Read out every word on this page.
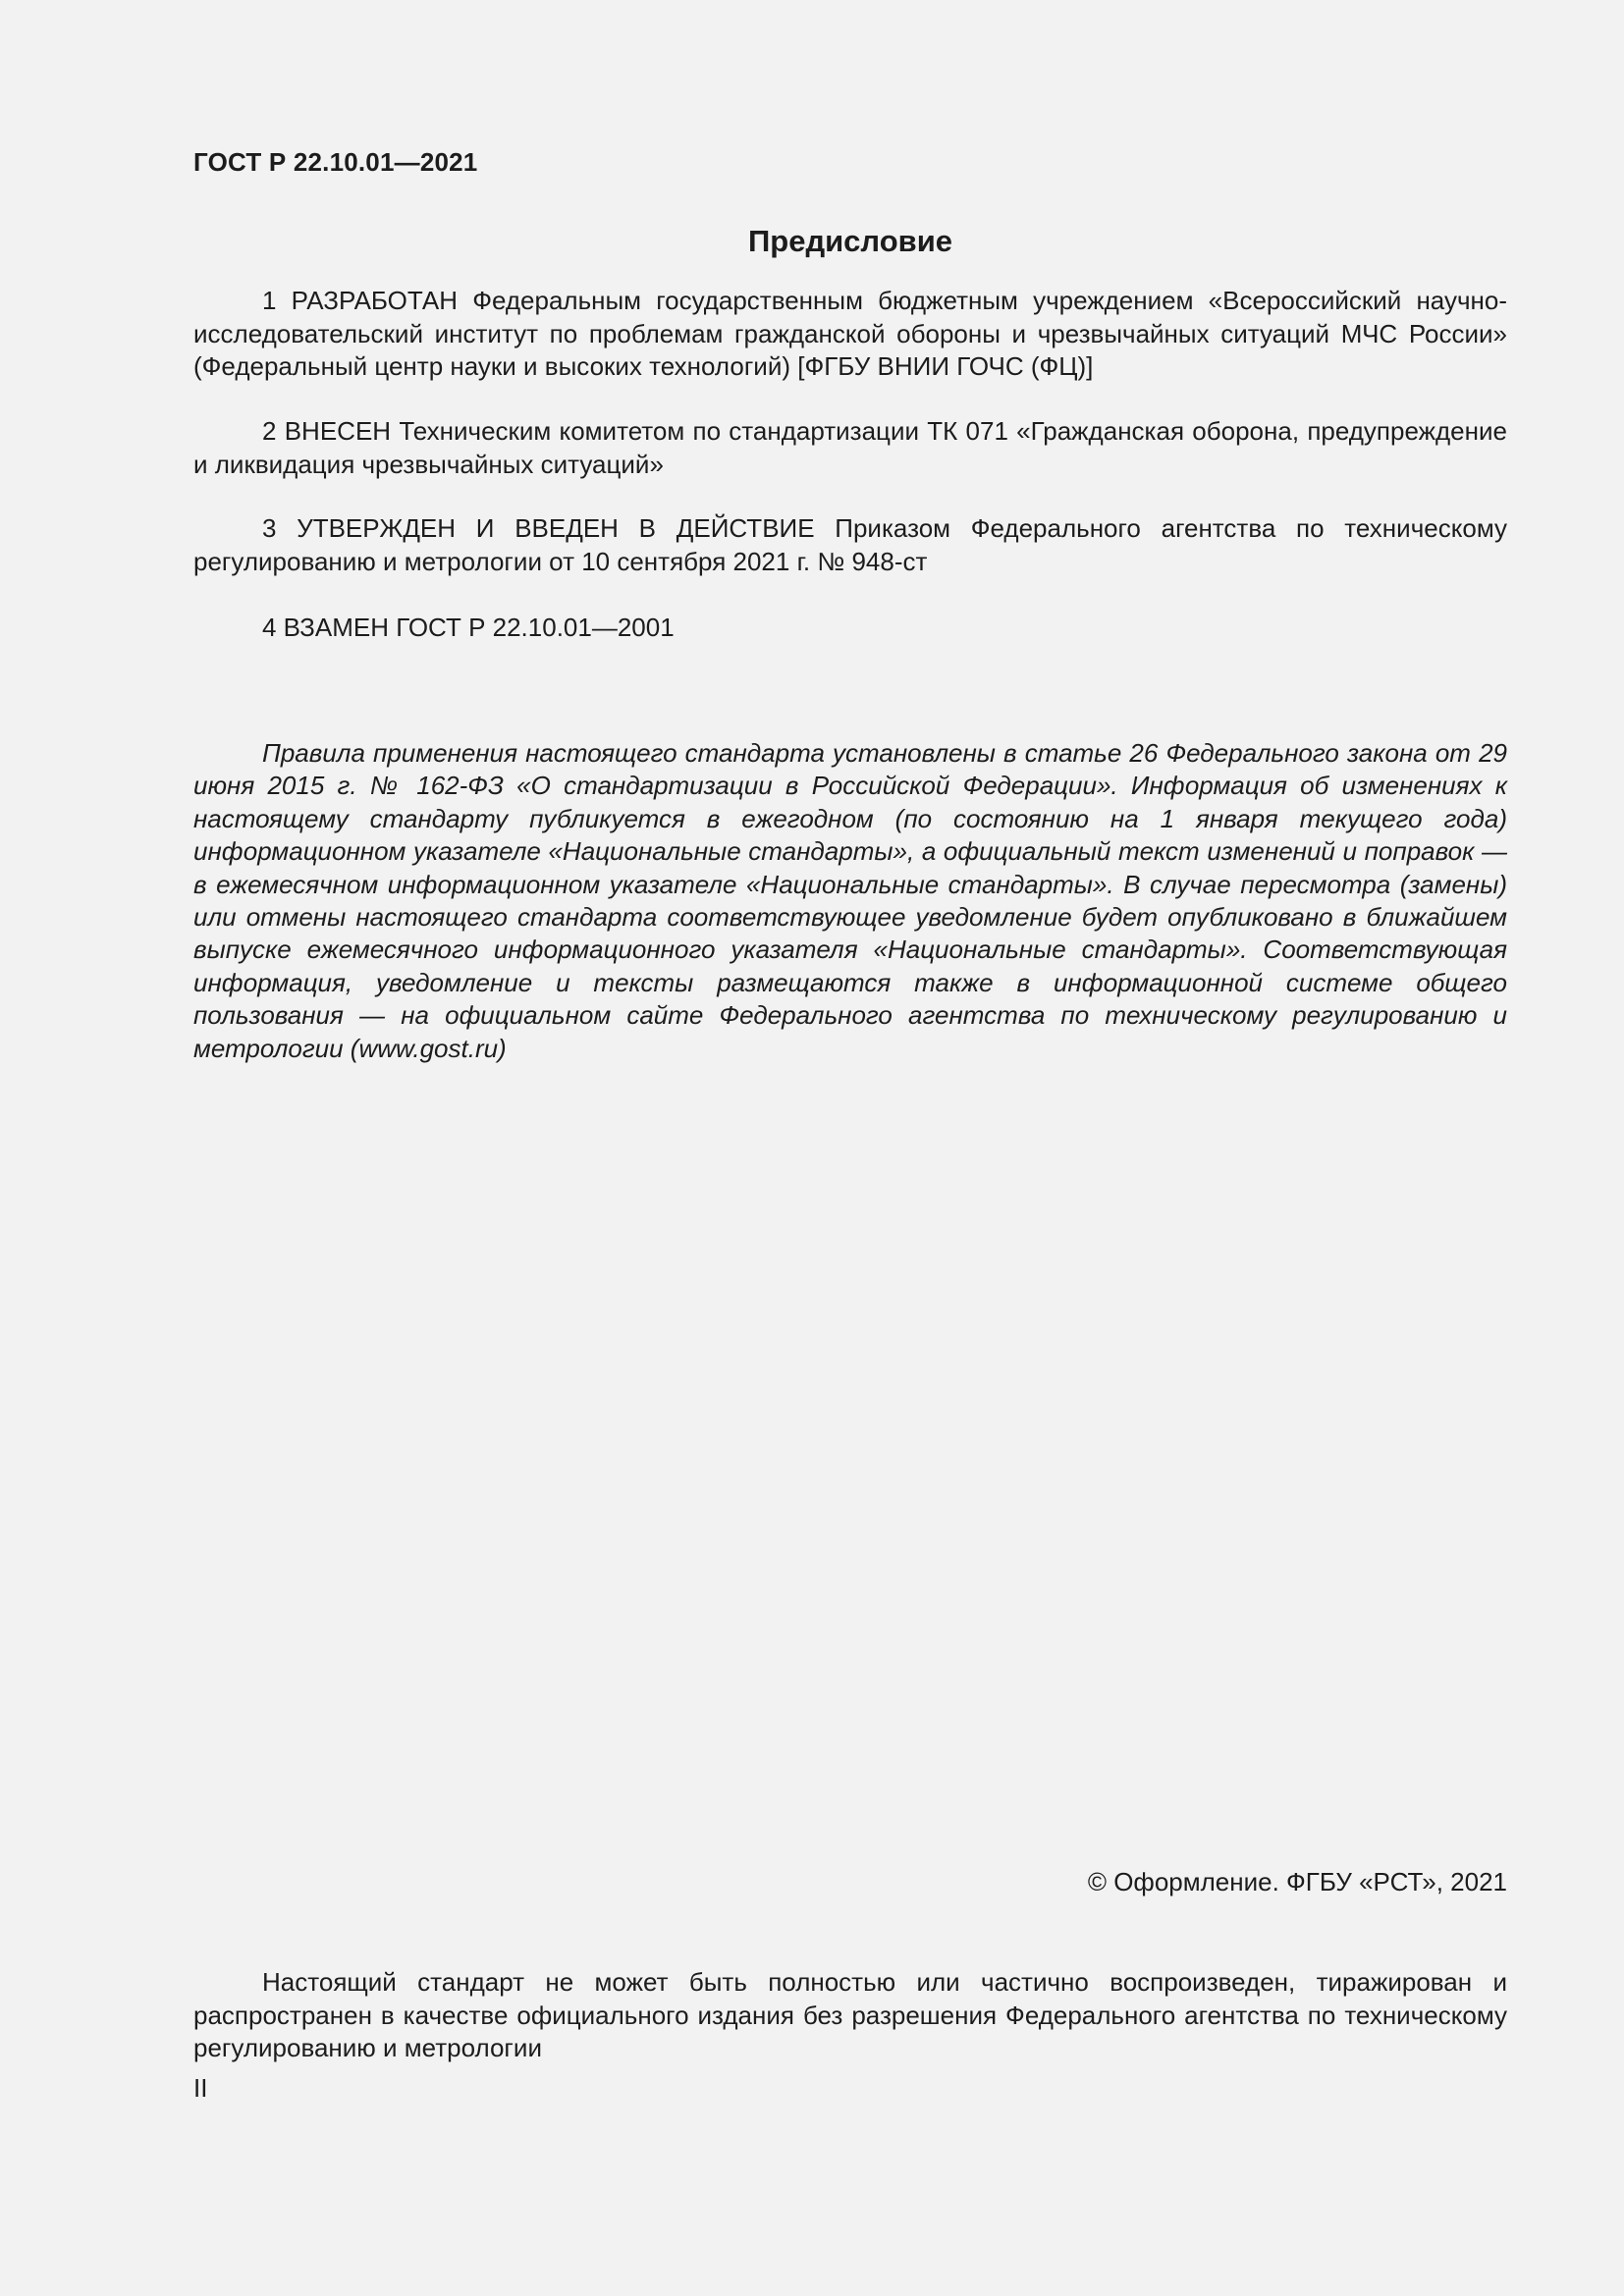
ГОСТ Р 22.10.01—2021
Предисловие
1 РАЗРАБОТАН Федеральным государственным бюджетным учреждением «Всероссийский научно-исследовательский институт по проблемам гражданской обороны и чрезвычайных ситуаций МЧС России» (Федеральный центр науки и высоких технологий) [ФГБУ ВНИИ ГОЧС (ФЦ)]
2 ВНЕСЕН Техническим комитетом по стандартизации ТК 071 «Гражданская оборона, предупреждение и ликвидация чрезвычайных ситуаций»
3 УТВЕРЖДЕН И ВВЕДЕН В ДЕЙСТВИЕ Приказом Федерального агентства по техническому регулированию и метрологии от 10 сентября 2021 г. № 948-ст
4 ВЗАМЕН ГОСТ Р 22.10.01—2001
Правила применения настоящего стандарта установлены в статье 26 Федерального закона от 29 июня 2015 г. № 162-ФЗ «О стандартизации в Российской Федерации». Информация об изменениях к настоящему стандарту публикуется в ежегодном (по состоянию на 1 января текущего года) информационном указателе «Национальные стандарты», а официальный текст изменений и поправок — в ежемесячном информационном указателе «Национальные стандарты». В случае пересмотра (замены) или отмены настоящего стандарта соответствующее уведомление будет опубликовано в ближайшем выпуске ежемесячного информационного указателя «Национальные стандарты». Соответствующая информация, уведомление и тексты размещаются также в информационной системе общего пользования — на официальном сайте Федерального агентства по техническому регулированию и метрологии (www.gost.ru)
© Оформление. ФГБУ «РСТ», 2021
Настоящий стандарт не может быть полностью или частично воспроизведен, тиражирован и распространен в качестве официального издания без разрешения Федерального агентства по техническому регулированию и метрологии
II
